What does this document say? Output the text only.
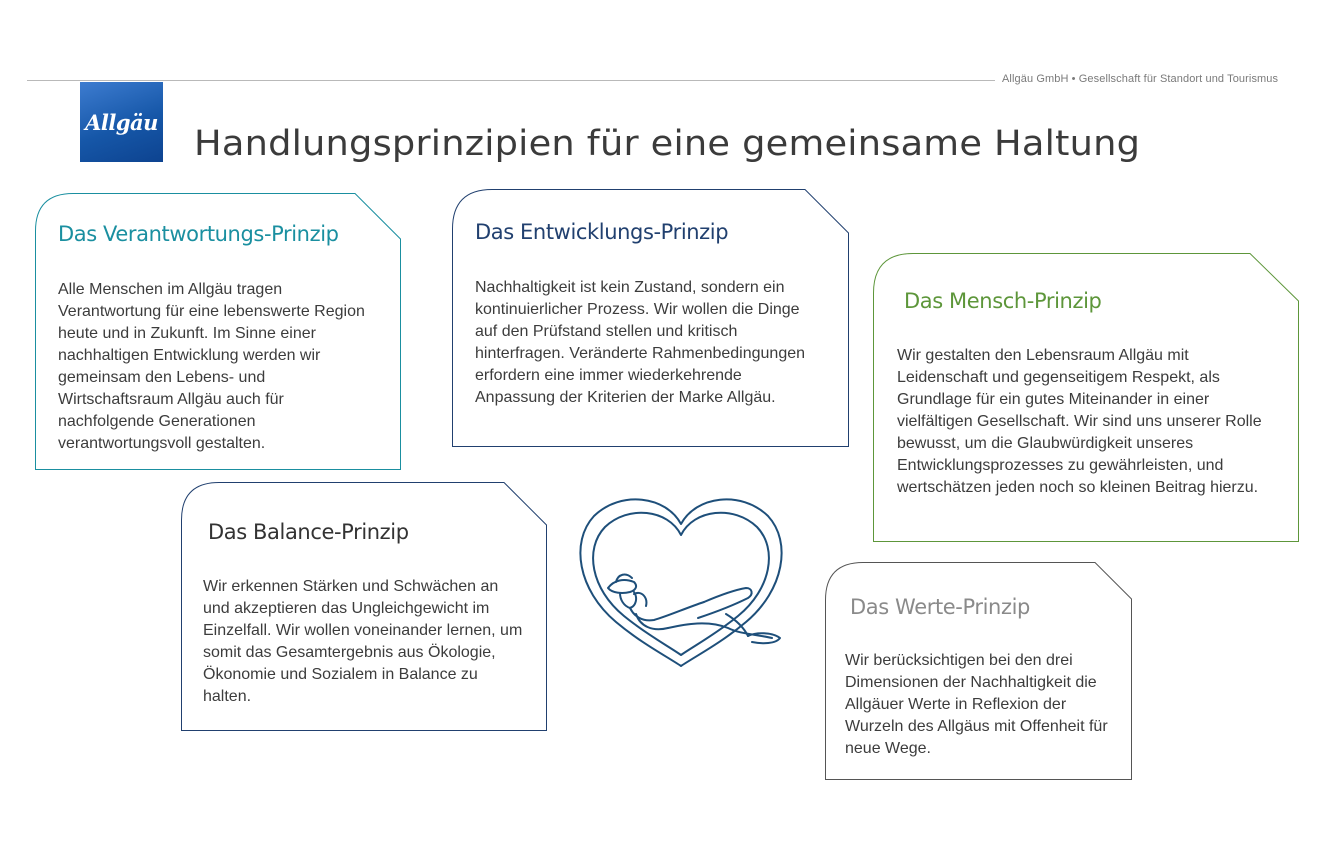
Allgäu GmbH • Gesellschaft für Standort und Tourismus
Allgäu
Handlungsprinzipien für eine gemeinsame Haltung
Das Verantwortungs-Prinzip
Alle Menschen im Allgäu tragen Verantwortung für eine lebenswerte Region heute und in Zukunft. Im Sinne einer nachhaltigen Entwicklung werden wir gemeinsam den Lebens- und Wirtschaftsraum Allgäu auch für nachfolgende Generationen verantwortungsvoll gestalten.
Das Entwicklungs-Prinzip
Nachhaltigkeit ist kein Zustand, sondern ein kontinuierlicher Prozess. Wir wollen die Dinge auf den Prüfstand stellen und kritisch hinterfragen. Veränderte Rahmenbedingungen erfordern eine immer wiederkehrende Anpassung der Kriterien der Marke Allgäu.
Das Mensch-Prinzip
Wir gestalten den Lebensraum Allgäu mit Leidenschaft und gegenseitigem Respekt, als Grundlage für ein gutes Miteinander in einer vielfältigen Gesellschaft. Wir sind uns unserer Rolle bewusst, um die Glaubwürdigkeit unseres Entwicklungsprozesses zu gewährleisten, und wertschätzen jeden noch so kleinen Beitrag hierzu.
Das Balance-Prinzip
Wir erkennen Stärken und Schwächen an und akzeptieren das Ungleichgewicht im Einzelfall. Wir wollen voneinander lernen, um somit das Gesamtergebnis aus Ökologie, Ökonomie und Sozialem in Balance zu halten.
Das Werte-Prinzip
Wir berücksichtigen bei den drei Dimensionen der Nachhaltigkeit die Allgäuer Werte in Reflexion der Wurzeln des Allgäus mit Offenheit für neue Wege.
